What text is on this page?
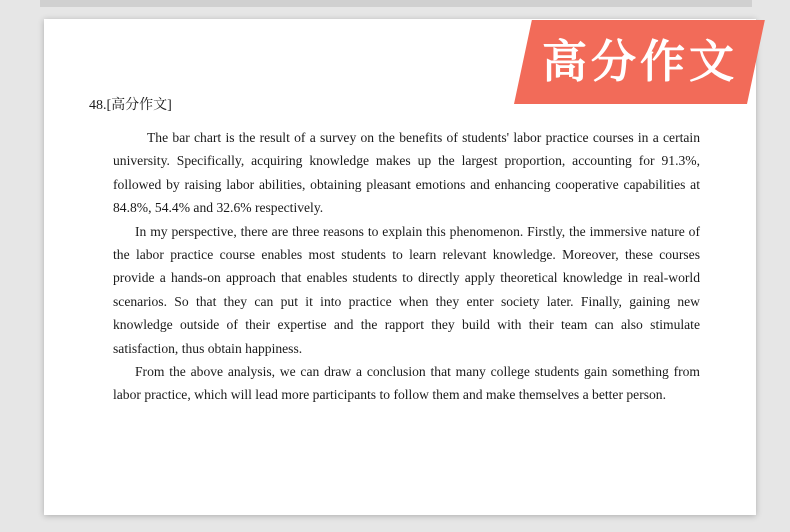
高分作文
48.[高分作文]

The bar chart is the result of a survey on the benefits of students' labor practice courses in a certain university. Specifically, acquiring knowledge makes up the largest proportion, accounting for 91.3%, followed by raising labor abilities, obtaining pleasant emotions and enhancing cooperative capabilities at 84.8%, 54.4% and 32.6% respectively.

In my perspective, there are three reasons to explain this phenomenon. Firstly, the immersive nature of the labor practice course enables most students to learn relevant knowledge. Moreover, these courses provide a hands-on approach that enables students to directly apply theoretical knowledge in real-world scenarios. So that they can put it into practice when they enter society later. Finally, gaining new knowledge outside of their expertise and the rapport they build with their team can also stimulate satisfaction, thus obtain happiness.

From the above analysis, we can draw a conclusion that many college students gain something from labor practice, which will lead more participants to follow them and make themselves a better person.
